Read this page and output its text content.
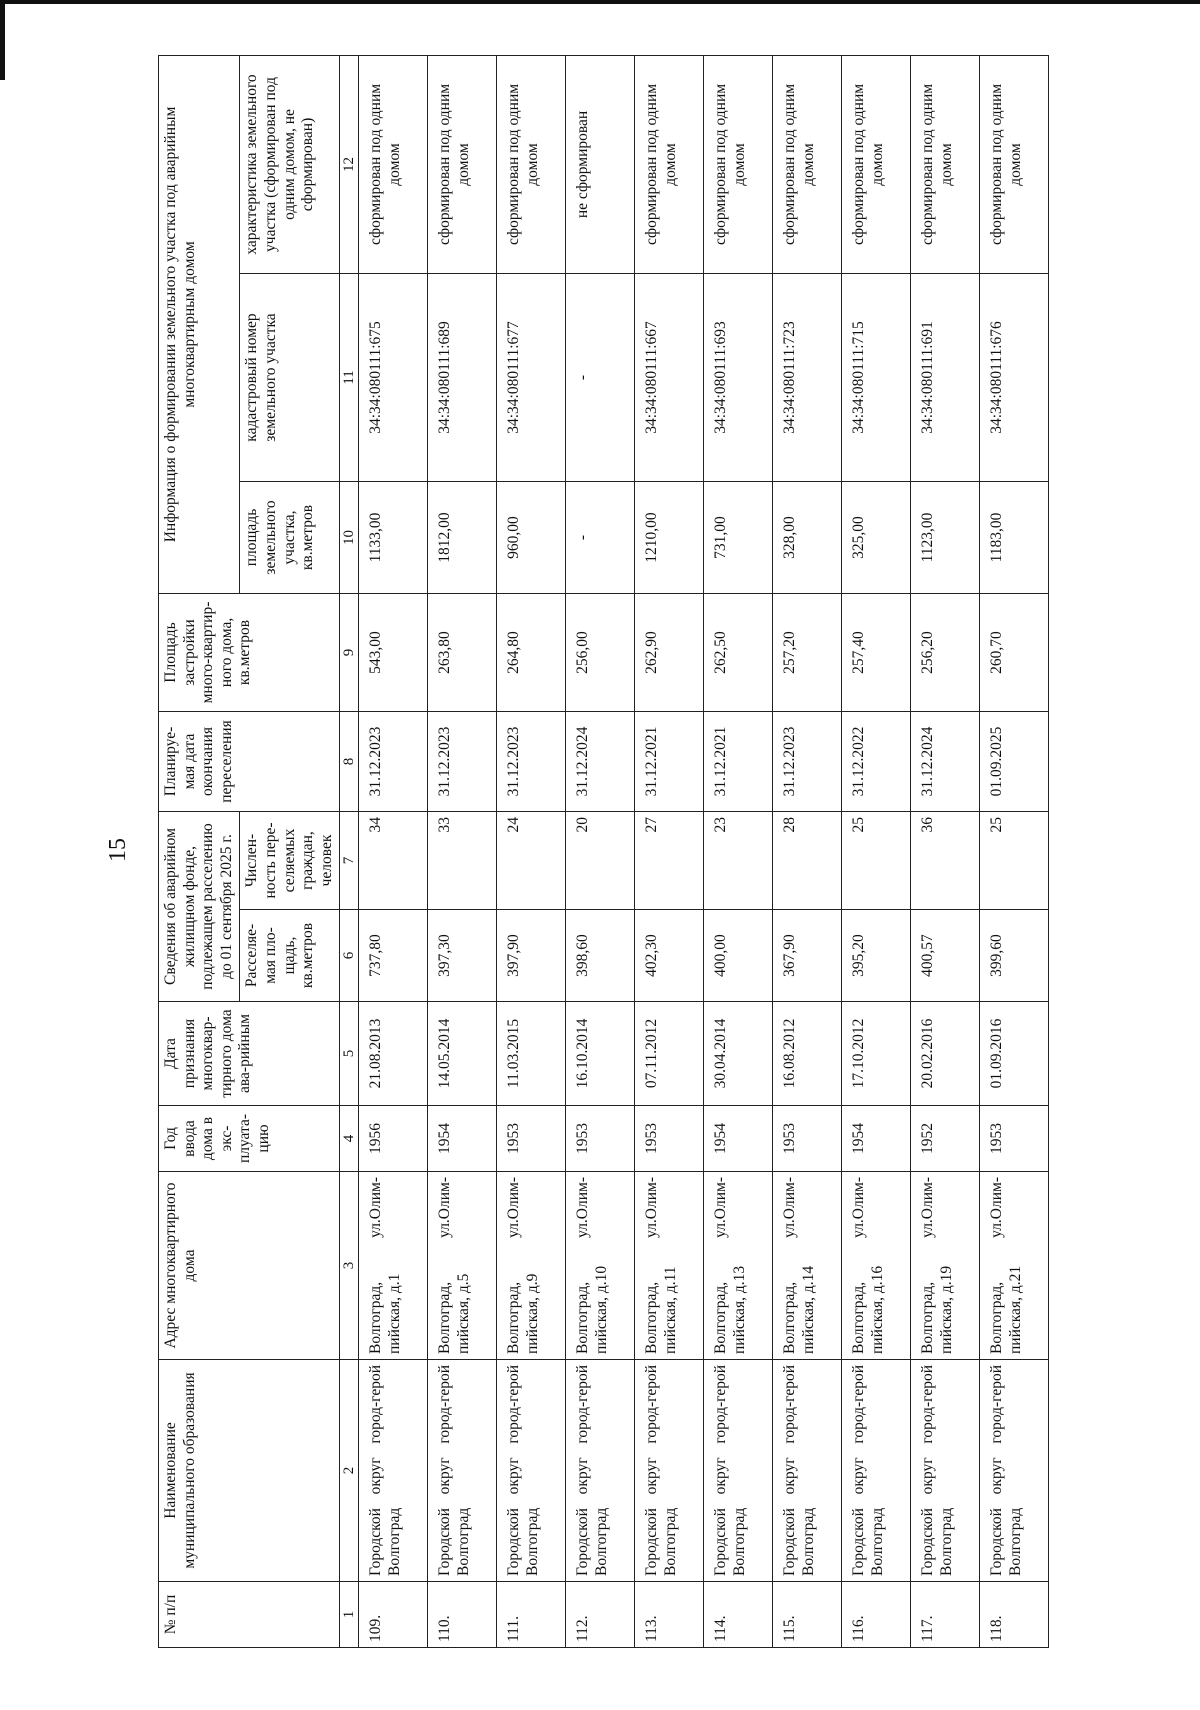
15
№ п/п	Наименование муниципального образования	Адрес многоквартирного дома	Год ввода дома в экс-плуата-цию	Дата признания многоквар-тирного дома ава-рийным	Сведения об аварийном жилищном фонде, подлежащем расселению до 01 сентября 2025 г.		Планируе-мая дата окончания переселения	Площадь застройки много-квартир-ного дома, кв.метров	Информация о формировании земельного участка под аварийным многоквартирным домом		
					Расселяе-мая пло-щадь, кв.метров	Числен-ность пере-селяемых граждан, человек			площадь земельного участка, кв.метров	кадастровый номер земельного участка	характеристика земельного участка (сформирован под одним домом, не сформирован)
1	2	3	4	5	6	7	8	9	10	11	12
109.	Городской округ город-герой Волгоград	Волгоград, ул.Олим-пийская, д.1	1956	21.08.2013	737,80	34	31.12.2023	543,00	1133,00	34:34:080111:675	сформирован под одним домом
110.	Городской округ город-герой Волгоград	Волгоград, ул.Олим-пийская, д.5	1954	14.05.2014	397,30	33	31.12.2023	263,80	1812,00	34:34:080111:689	сформирован под одним домом
111.	Городской округ город-герой Волгоград	Волгоград, ул.Олим-пийская, д.9	1953	11.03.2015	397,90	24	31.12.2023	264,80	960,00	34:34:080111:677	сформирован под одним домом
112.	Городской округ город-герой Волгоград	Волгоград, ул.Олим-пийская, д.10	1953	16.10.2014	398,60	20	31.12.2024	256,00	-	-	не сформирован
113.	Городской округ город-герой Волгоград	Волгоград, ул.Олим-пийская, д.11	1953	07.11.2012	402,30	27	31.12.2021	262,90	1210,00	34:34:080111:667	сформирован под одним домом
114.	Городской округ город-герой Волгоград	Волгоград, ул.Олим-пийская, д.13	1954	30.04.2014	400,00	23	31.12.2021	262,50	731,00	34:34:080111:693	сформирован под одним домом
115.	Городской округ город-герой Волгоград	Волгоград, ул.Олим-пийская, д.14	1953	16.08.2012	367,90	28	31.12.2023	257,20	328,00	34:34:080111:723	сформирован под одним домом
116.	Городской округ город-герой Волгоград	Волгоград, ул.Олим-пийская, д.16	1954	17.10.2012	395,20	25	31.12.2022	257,40	325,00	34:34:080111:715	сформирован под одним домом
117.	Городской округ город-герой Волгоград	Волгоград, ул.Олим-пийская, д.19	1952	20.02.2016	400,57	36	31.12.2024	256,20	1123,00	34:34:080111:691	сформирован под одним домом
118.	Городской округ город-герой Волгоград	Волгоград, ул.Олим-пийская, д.21	1953	01.09.2016	399,60	25	01.09.2025	260,70	1183,00	34:34:080111:676	сформирован под одним домом
